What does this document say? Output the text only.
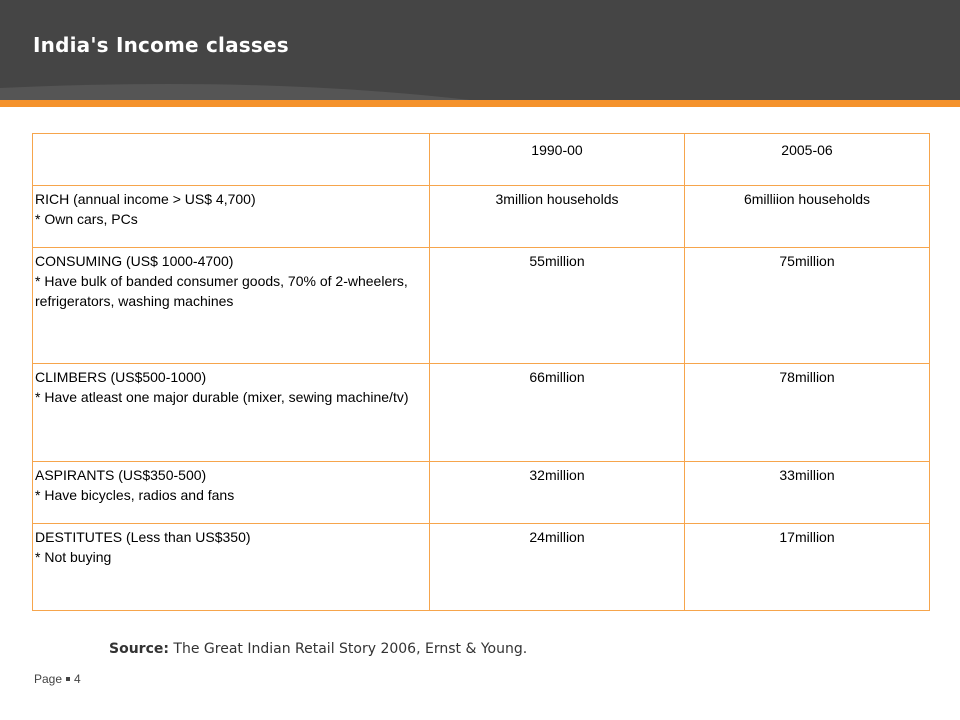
India's Income classes
	1990-00	2005-06

RICH (annual income > US$ 4,700)
* Own cars, PCs	3million households	6milliion households

CONSUMING (US$ 1000-4700)
* Have bulk of banded consumer goods, 70% of 2-wheelers, refrigerators, washing machines	55million	75million

CLIMBERS (US$500-1000)
* Have atleast one major durable (mixer, sewing machine/tv)	66million	78million

ASPIRANTS (US$350-500)
* Have bicycles, radios and fans	32million	33million

DESTITUTES (Less than US$350)
* Not buying	24million	17million
Source: The Great Indian Retail Story 2006, Ernst & Young.
Page 4
